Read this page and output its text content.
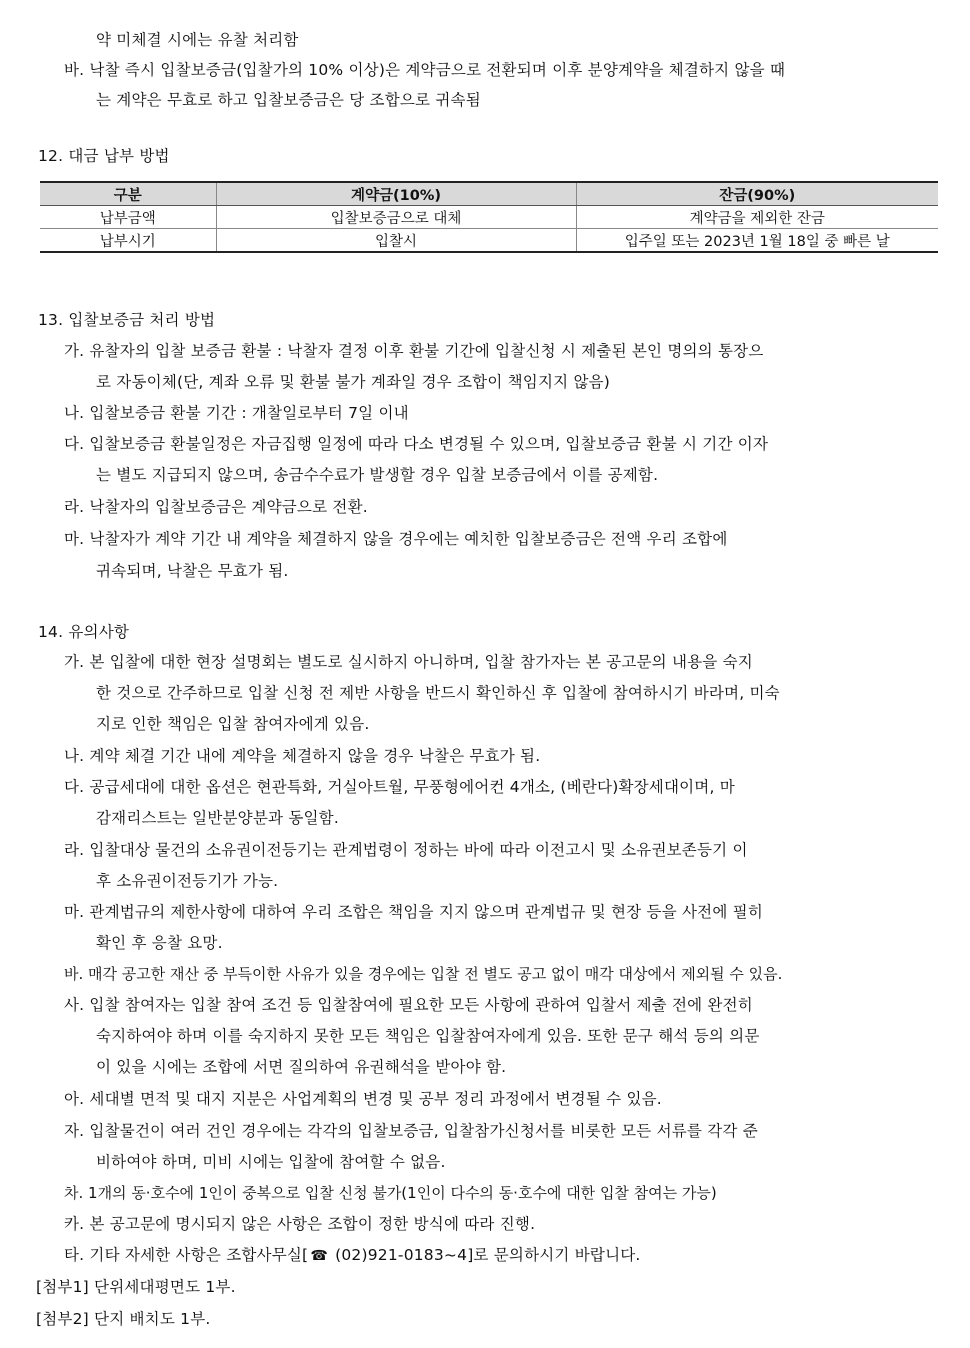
약 미체결 시에는 유찰 처리함
바. 낙찰 즉시 입찰보증금(입찰가의 10% 이상)은 계약금으로 전환되며 이후 분양계약을 체결하지 않을 때
는 계약은 무효로 하고 입찰보증금은 당 조합으로 귀속됨
12. 대금 납부 방법
구분	계약금(10%)	잔금(90%)
납부금액	입찰보증금으로 대체	계약금을 제외한 잔금
납부시기	입찰시	입주일 또는 2023년 1월 18일 중 빠른 날
13. 입찰보증금 처리 방법
가. 유찰자의 입찰 보증금 환불 : 낙찰자 결정 이후 환불 기간에 입찰신청 시 제출된 본인 명의의 통장으
로 자동이체(단, 계좌 오류 및 환불 불가 계좌일 경우 조합이 책임지지 않음)
나. 입찰보증금 환불 기간 : 개찰일로부터 7일 이내
다. 입찰보증금 환불일정은 자금집행 일정에 따라 다소 변경될 수 있으며, 입찰보증금 환불 시 기간 이자
는 별도 지급되지 않으며, 송금수수료가 발생할 경우 입찰 보증금에서 이를 공제함.
라. 낙찰자의 입찰보증금은 계약금으로 전환.
마. 낙찰자가 계약 기간 내 계약을 체결하지 않을 경우에는 예치한 입찰보증금은 전액 우리 조합에
귀속되며, 낙찰은 무효가 됨.
14. 유의사항
가. 본 입찰에 대한 현장 설명회는 별도로 실시하지 아니하며, 입찰 참가자는 본 공고문의 내용을 숙지
한 것으로 간주하므로 입찰 신청 전 제반 사항을 반드시 확인하신 후 입찰에 참여하시기 바라며, 미숙
지로 인한 책임은 입찰 참여자에게 있음.
나. 계약 체결 기간 내에 계약을 체결하지 않을 경우 낙찰은 무효가 됨.
다. 공급세대에 대한 옵션은 현관특화, 거실아트월, 무풍형에어컨 4개소, (베란다)확장세대이며, 마
감재리스트는 일반분양분과 동일함.
라. 입찰대상 물건의 소유권이전등기는 관계법령이 정하는 바에 따라 이전고시 및 소유권보존등기 이
후 소유권이전등기가 가능.
마. 관계법규의 제한사항에 대하여 우리 조합은 책임을 지지 않으며 관계법규 및 현장 등을 사전에 필히
확인 후 응찰 요망.
바. 매각 공고한 재산 중 부득이한 사유가 있을 경우에는 입찰 전 별도 공고 없이 매각 대상에서 제외될 수 있음.
사. 입찰 참여자는 입찰 참여 조건 등 입찰참여에 필요한 모든 사항에 관하여 입찰서 제출 전에 완전히
숙지하여야 하며 이를 숙지하지 못한 모든 책임은 입찰참여자에게 있음. 또한 문구 해석 등의 의문
이 있을 시에는 조합에 서면 질의하여 유권해석을 받아야 함.
아. 세대별 면적 및 대지 지분은 사업계획의 변경 및 공부 정리 과정에서 변경될 수 있음.
자. 입찰물건이 여러 건인 경우에는 각각의 입찰보증금, 입찰참가신청서를 비롯한 모든 서류를 각각 준
비하여야 하며, 미비 시에는 입찰에 참여할 수 없음.
차. 1개의 동·호수에 1인이 중복으로 입찰 신청 불가(1인이 다수의 동·호수에 대한 입찰 참여는 가능)
카. 본 공고문에 명시되지 않은 사항은 조합이 정한 방식에 따라 진행.
타. 기타 자세한 사항은 조합사무실[ ☎ (02)921-0183~4]로 문의하시기 바랍니다.
[첨부1] 단위세대평면도 1부.
[첨부2] 단지 배치도 1부.
